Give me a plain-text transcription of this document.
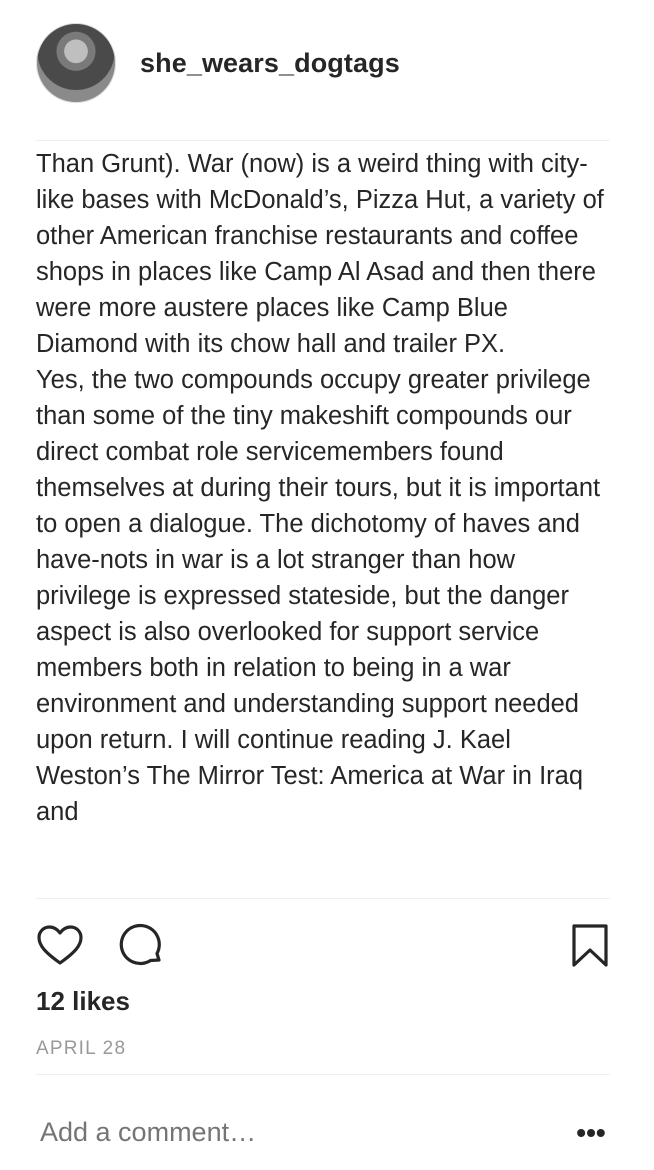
she_wears_dogtags

Than Grunt). War (now) is a weird thing with city-like bases with McDonald’s, Pizza Hut, a variety of other American franchise restaurants and coffee shops in places like Camp Al Asad and then there were more austere places like Camp Blue Diamond with its chow hall and trailer PX.

Yes, the two compounds occupy greater privilege than some of the tiny makeshift compounds our direct combat role servicemembers found themselves at during their tours, but it is important to open a dialogue. The dichotomy of haves and have-nots in war is a lot stranger than how privilege is expressed stateside, but the danger aspect is also overlooked for support service members both in relation to being in a war environment and understanding support needed upon return. I will continue reading J. Kael Weston’s The Mirror Test: America at War in Iraq and

12 likes
APRIL 28
Add a comment…
•••
